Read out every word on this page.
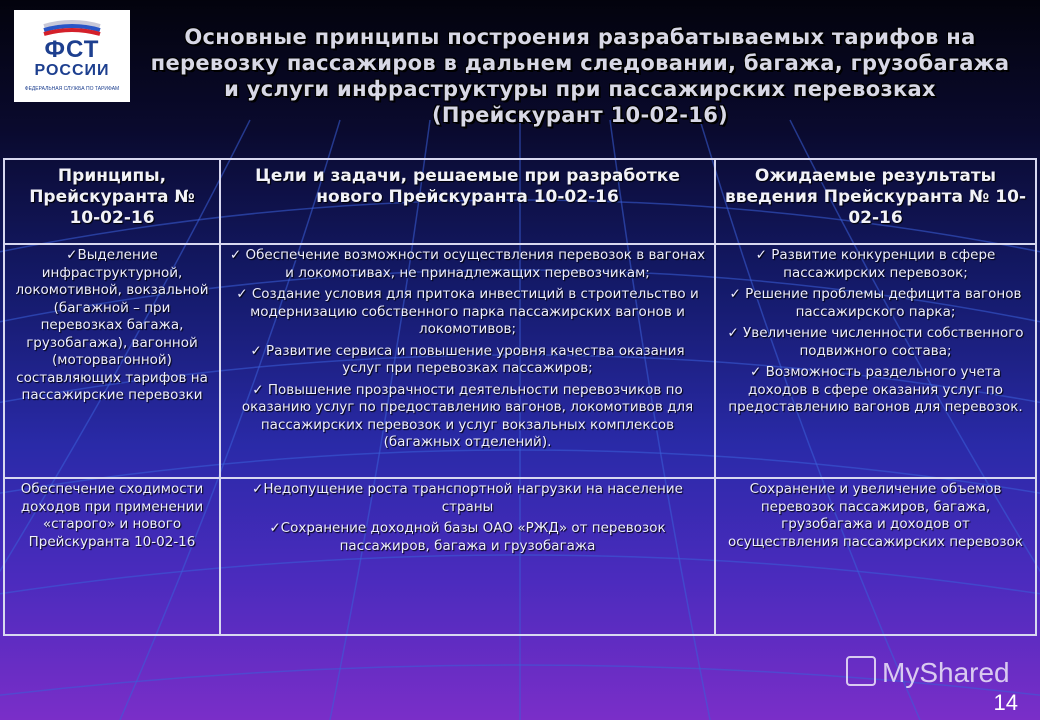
ФСТ
РОССИИ
ФЕДЕРАЛЬНАЯ СЛУЖБА ПО ТАРИФАМ
Основные принципы построения разрабатываемых тарифов на перевозку пассажиров в дальнем следовании, багажа, грузобагажа и услуги инфраструктуры при пассажирских перевозках (Прейскурант 10-02-16)
Принципы, Прейскуранта № 10-02-16
Цели и задачи, решаемые при разработке нового Прейскуранта 10-02-16
Ожидаемые результаты введения Прейскуранта № 10-02-16

✓Выделение инфраструктурной, локомотивной, вокзальной (багажной – при перевозках багажа, грузобагажа), вагонной (моторвагонной) составляющих тарифов на пассажирские перевозки

✓ Обеспечение возможности осуществления перевозок в вагонах и локомотивах, не принадлежащих перевозчикам;

✓ Создание условия для притока инвестиций в строительство и модернизацию собственного парка пассажирских вагонов и локомотивов;

✓ Развитие сервиса и повышение уровня качества оказания услуг при перевозках пассажиров;

✓ Повышение прозрачности деятельности перевозчиков по оказанию услуг по предоставлению вагонов, локомотивов для пассажирских перевозок и услуг вокзальных комплексов (багажных отделений).

✓ Развитие конкуренции в сфере пассажирских перевозок;

✓ Решение проблемы дефицита вагонов пассажирского парка;

✓ Увеличение численности собственного подвижного состава;

✓ Возможность раздельного учета доходов в сфере оказания услуг по предоставлению вагонов для перевозок.

Обеспечение сходимости доходов при применении «старого» и нового Прейскуранта 10-02-16

✓Недопущение роста транспортной нагрузки на население страны

✓Сохранение доходной базы ОАО «РЖД» от перевозок пассажиров, багажа и грузобагажа

Сохранение и увеличение объемов перевозок пассажиров, багажа, грузобагажа и доходов от осуществления пассажирских перевозок

MyShared
14
